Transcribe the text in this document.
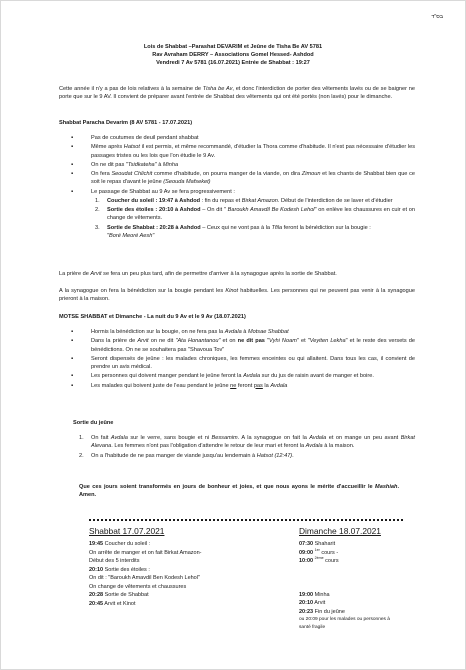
בס"ד
Lois de Shabbat –Parashat DEVARIM et Jeûne de Tisha Be AV 5781
Rav Avraham DERRY – Associations Gomel Hessed- Ashdod
Vendredi 7 Av 5781 (16.07.2021) Entrée de Shabbat : 19:27
Cette année il n'y a pas de lois relatives à la semaine de Tisha be Av, et donc l'interdiction de porter des vêtements lavés ou de se baigner ne porte que sur le 9 AV. Il convient de préparer avant l'entrée de Shabbat des vêtements qui ont été portés (non lavés) pour le dimanche.
Shabbat Paracha Devarim (8 AV 5781 - 17.07.2021)
▪ Pas de coutumes de deuil pendant shabbat
▪ Même après Hatsot il est permis, et même recommandé, d'étudier la Thora comme d'habitude. Il n'est pas nécessaire d'étudier les passages tristes ou les lois que l'on étudie le 9 Av.
▪ On ne dit pas "Tsidkateha" à Minha
▪ On fera Seoudat Chlichit comme d'habitude, on pourra manger de la viande, on dira Zimoun et les chants de Shabbat bien que ce soit le repas d'avant le jeûne (Seouda Mafseket)
▪ Le passage de Shabbat au 9 Av se fera progressivement :
1. Coucher du soleil : 19:47 à Ashdod : fin du repas et Birkat Amazon. Début de l'interdiction de se laver et d'étudier
2. Sortie des étoiles : 20:10 à Ashdod – On dit " Baroukh Amavdil Be Kodesh Lehol" on enlève les chaussures en cuir et on change de vêtements.
3. Sortie de Shabbat : 20:28 à Ashdod – Ceux qui ne vont pas à la Tfila feront la bénédiction sur la bougie :
"Boré Meoré Aesh"
La prière de Arvit se fera un peu plus tard, afin de permettre d'arriver à la synagogue après la sortie de Shabbat.
A la synagogue on fera la bénédiction sur la bougie pendant les Kinot habituelles. Les personnes qui ne peuvent pas venir à la synagogue prieront à la maison.
MOTSE SHABBAT et Dimanche - La nuit du 9 Av et le 9 Av (18.07.2021)
▪ Hormis la bénédiction sur la bougie, on ne fera pas la Avdala à Motsae Shabbat
▪ Dans la prière de Arvit on ne dit "Ata Honantanou" et on ne dit pas "Vyhi Noam" et "Veyiten Lekha" et le reste des versets de bénédictions. On ne se souhaitera pas "Shavoua Tov"
▪ Seront dispensés de jeûne : les malades chroniques, les femmes enceintes ou qui allaitent. Dans tous les cas, il convient de prendre un avis médical.
▪ Les personnes qui doivent manger pendant le jeûne feront la Avdala sur du jus de raisin avant de manger et boire.
▪ Les malades qui boivent juste de l'eau pendant le jeûne ne feront pas la Avdala
Sortie du jeûne
1. On fait Avdala sur le verre, sans bougie et ni Bessamim. A la synagogue on fait la Avdala et on mange un peu avant Birkat Alevana. Les femmes n'ont pas l'obligation d'attendre le retour de leur mari et feront la Avdala à la maison.
2. On a l'habitude de ne pas manger de viande jusqu'au lendemain à Hatsot (12:47).
Que ces jours soient transformés en jours de bonheur et joies, et que nous ayons le mérite d'accueillir le Mashiah. Amen.
Shabbat 17.07.2021
19:45 Coucher du soleil :
On arrête de manger et on fait Birkat Amazon-
Début des 5 interdits
20:10 Sortie des étoiles :
On dit : "Baroukh Amavdil Ben Kodesh Lehol"
On change de vêtements et chaussures
20:28 Sortie de Shabbat
20:45 Arvit et Kinot
Dimanche 18.07.2021
07:30 Shaharit
09:00 $^{1er}$ cours -
10:00 $^{2ème}$ cours
19:00 Minha
20:10 Arvit
20:23 Fin du jeûne
ou 20:09 pour les malades ou personnes à
santé fragile
